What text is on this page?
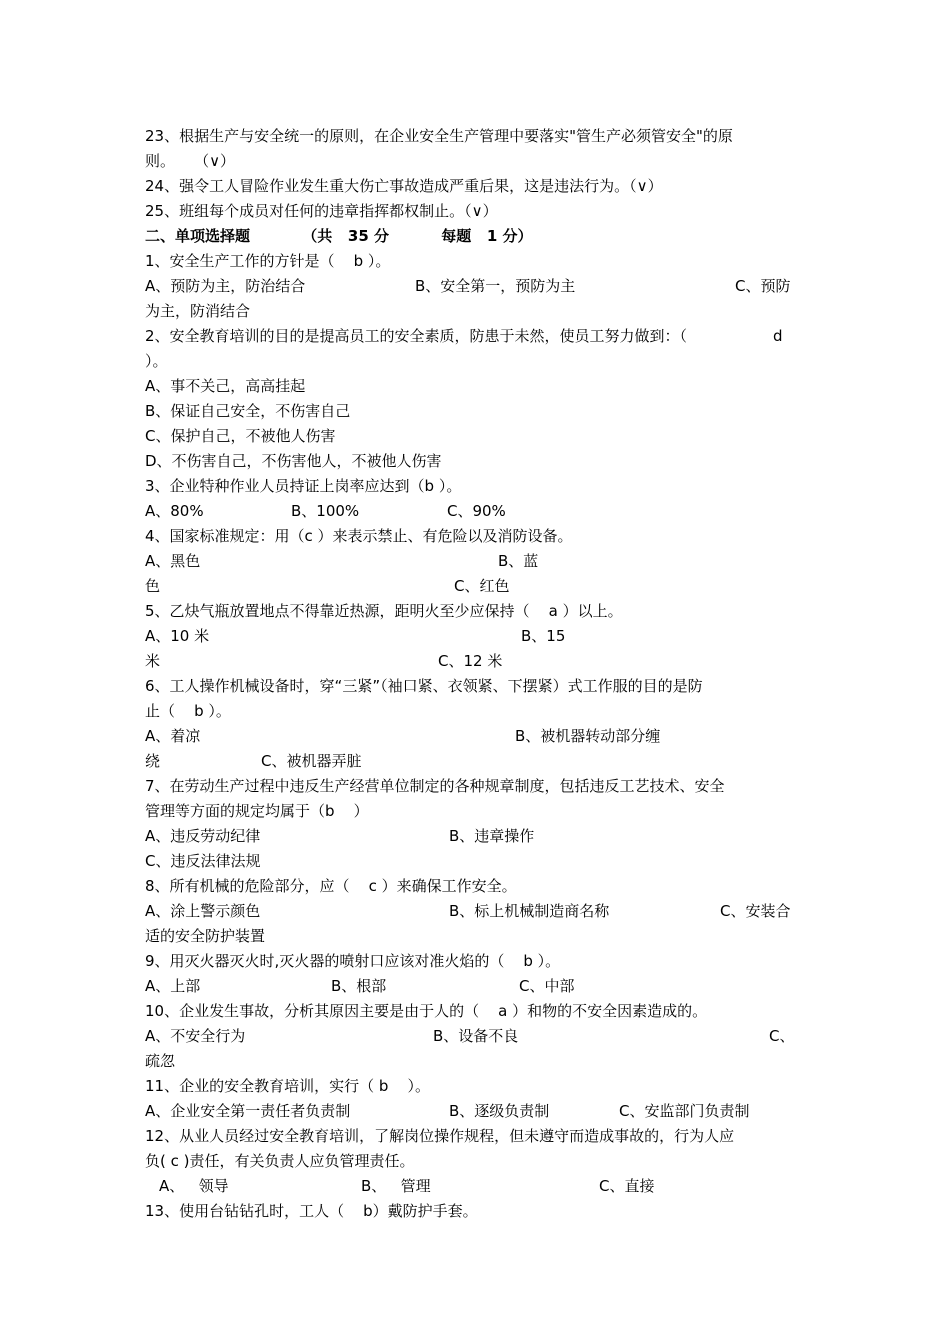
23、根据生产与安全统一的原则，在企业安全生产管理中要落实"管生产必须管安全"的原
则。    （∨）
24、强令工人冒险作业发生重大伤亡事故造成严重后果，这是违法行为。（∨）
25、班组每个成员对任何的违章指挥都权制止。（∨）
二、单项选择题          （共   35 分          每题   1 分）
1、安全生产工作的方针是（    b ）。

A、预防为主，防治结合

	B、安全第一，预防为主

	C、预防

为主，防消结合

2、安全教育培训的目的是提高员工的安全素质，防患于未然，使员工努力做到：（

	d

）。
A、事不关己，高高挂起
B、保证自己安全，不伤害自己
C、保护自己，不被他人伤害
D、不伤害自己，不伤害他人，不被他人伤害
3、企业特种作业人员持证上岗率应达到（b ）。

A、80%

	B、100%

	C、90%

4、国家标准规定：用（c ）来表示禁止、有危险以及消防设备。

A、黑色

	B、蓝

色

	C、红色

5、乙炔气瓶放置地点不得靠近热源，距明火至少应保持（    a ）以上。

A、10 米

	B、15

米

	C、12 米

6、工人操作机械设备时，穿“三紧”（袖口紧、衣领紧、下摆紧）式工作服的目的是防
止（    b ）。

A、着凉

	B、被机器转动部分缠

绕

	C、被机器弄脏

7、在劳动生产过程中违反生产经营单位制定的各种规章制度，包括违反工艺技术、安全
管理等方面的规定均属于（b    ）

A、违反劳动纪律

	B、违章操作

C、违反法律法规
8、所有机械的危险部分，应（    c ）来确保工作安全。

A、涂上警示颜色

	B、标上机械制造商名称

	C、安装合

适的安全防护装置
9、用灭火器灭火时,灭火器的喷射口应该对准火焰的（    b ）。

A、上部

	B、根部

	C、中部

10、企业发生事故，分析其原因主要是由于人的（    a ）和物的不安全因素造成的。

A、不安全行为

	B、设备不良

	C、

疏忽
11、企业的安全教育培训，实行（ b    ）。

A、企业安全第一责任者负责制

	B、逐级负责制

	C、安监部门负责制

12、从业人员经过安全教育培训，了解岗位操作规程，但未遵守而造成事故的，行为人应
负( c )责任，有关负责人应负管理责任。

A、   领导

	B、   管理

	C、直接

13、使用台钻钻孔时，工人（    b）戴防护手套。
